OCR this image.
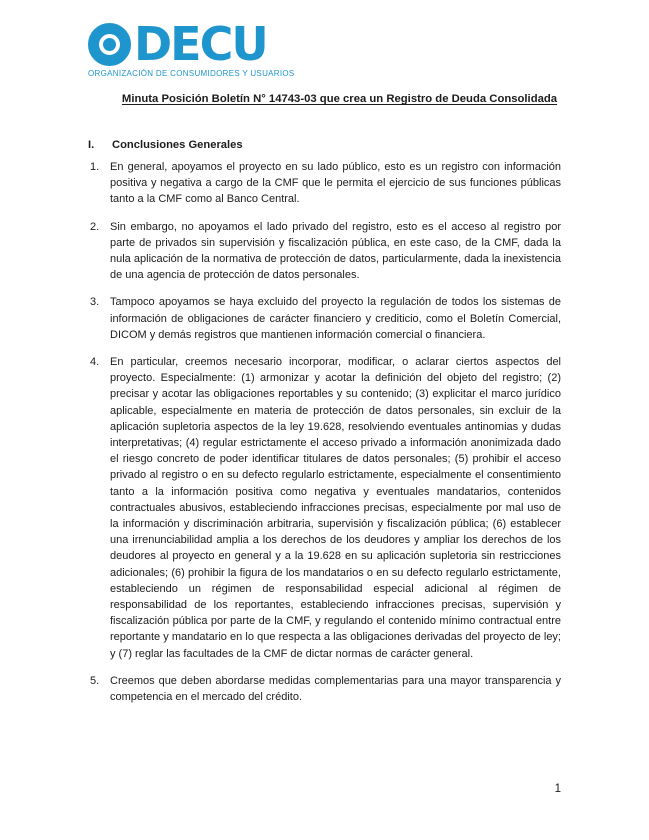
DECU
ORGANIZACIÓN DE CONSUMIDORES Y USUARIOS
Minuta Posición Boletín N° 14743-03 que crea un Registro de Deuda Consolidada
I.	Conclusiones Generales
1. En general, apoyamos el proyecto en su lado público, esto es un registro con información positiva y negativa a cargo de la CMF que le permita el ejercicio de sus funciones públicas tanto a la CMF como al Banco Central.
2. Sin embargo, no apoyamos el lado privado del registro, esto es el acceso al registro por parte de privados sin supervisión y fiscalización pública, en este caso, de la CMF, dada la nula aplicación de la normativa de protección de datos, particularmente, dada la inexistencia de una agencia de protección de datos personales.
3. Tampoco apoyamos se haya excluido del proyecto la regulación de todos los sistemas de información de obligaciones de carácter financiero y crediticio, como el Boletín Comercial, DICOM y demás registros que mantienen información comercial o financiera.
4. En particular, creemos necesario incorporar, modificar, o aclarar ciertos aspectos del proyecto. Especialmente: (1) armonizar y acotar la definición del objeto del registro; (2) precisar y acotar las obligaciones reportables y su contenido; (3) explicitar el marco jurídico aplicable, especialmente en materia de protección de datos personales, sin excluir de la aplicación supletoria aspectos de la ley 19.628, resolviendo eventuales antinomias y dudas interpretativas; (4) regular estrictamente el acceso privado a información anonimizada dado el riesgo concreto de poder identificar titulares de datos personales; (5) prohibir el acceso privado al registro o en su defecto regularlo estrictamente, especialmente el consentimiento tanto a la información positiva como negativa y eventuales mandatarios, contenidos contractuales abusivos, estableciendo infracciones precisas, especialmente por mal uso de la información y discriminación arbitraria, supervisión y fiscalización pública; (6) establecer una irrenunciabilidad amplia a los derechos de los deudores y ampliar los derechos de los deudores al proyecto en general y a la 19.628 en su aplicación supletoria sin restricciones adicionales; (6) prohibir la figura de los mandatarios o en su defecto regularlo estrictamente, estableciendo un régimen de responsabilidad especial adicional al régimen de responsabilidad de los reportantes, estableciendo infracciones precisas, supervisión y fiscalización pública por parte de la CMF, y regulando el contenido mínimo contractual entre reportante y mandatario en lo que respecta a las obligaciones derivadas del proyecto de ley; y (7) reglar las facultades de la CMF de dictar normas de carácter general.
5. Creemos que deben abordarse medidas complementarias para una mayor transparencia y competencia en el mercado del crédito.
1
